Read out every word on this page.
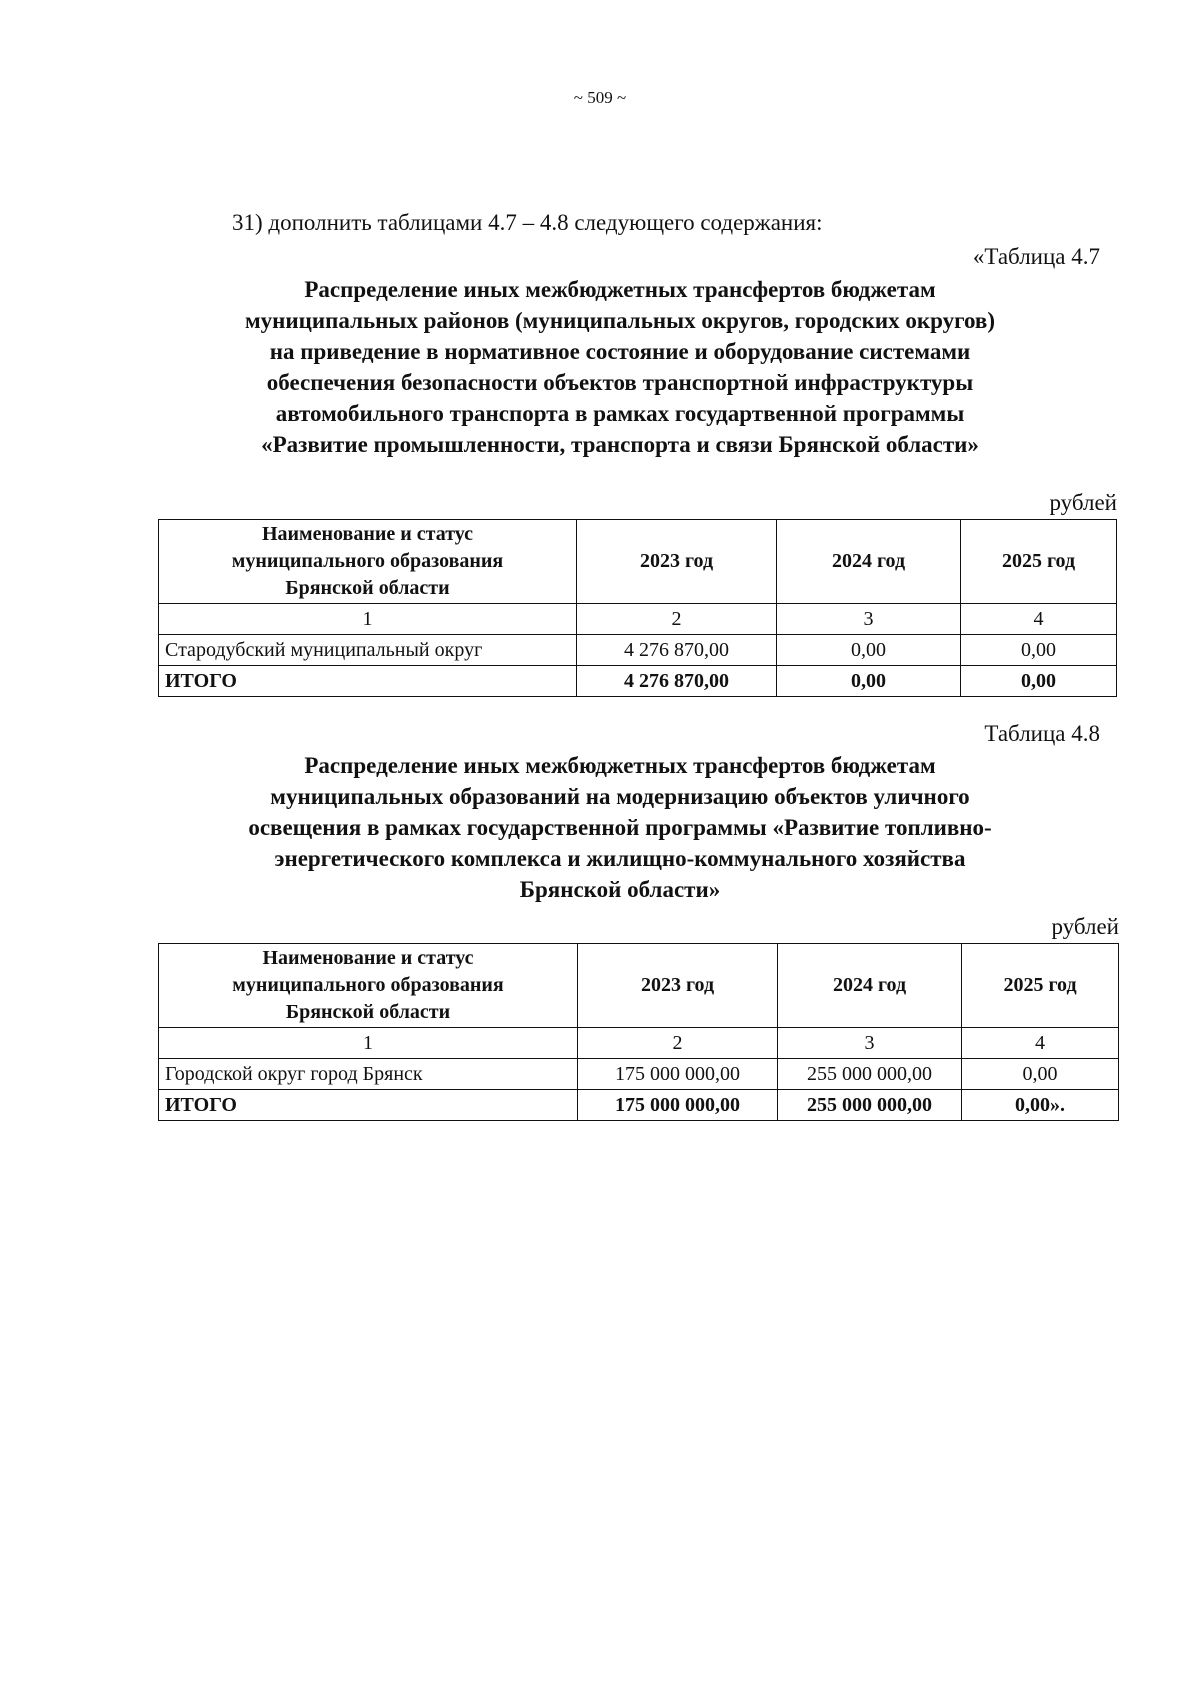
~ 509 ~
31) дополнить таблицами 4.7 – 4.8 следующего содержания:
«Таблица 4.7
Распределение иных межбюджетных трансфертов бюджетам
муниципальных районов (муниципальных округов, городских округов)
на приведение в нормативное состояние и оборудование системами
обеспечения безопасности объектов транспортной инфраструктуры
автомобильного транспорта в рамках государтвенной программы
«Развитие промышленности, транспорта и связи Брянской области»
рублей
Наименование и статус
муниципального образования
Брянской области	2023 год	2024 год	2025 год
1	2	3	4
Стародубский муниципальный округ	4 276 870,00	0,00	0,00
ИТОГО	4 276 870,00	0,00	0,00
Таблица 4.8
Распределение иных межбюджетных трансфертов бюджетам
муниципальных образований на модернизацию объектов уличного
освещения в рамках государственной программы «Развитие топливно-
энергетического комплекса и жилищно-коммунального хозяйства
Брянской области»
рублей
Наименование и статус
муниципального образования
Брянской области	2023 год	2024 год	2025 год
1	2	3	4
Городской округ город Брянск	175 000 000,00	255 000 000,00	0,00
ИТОГО	175 000 000,00	255 000 000,00	0,00».
